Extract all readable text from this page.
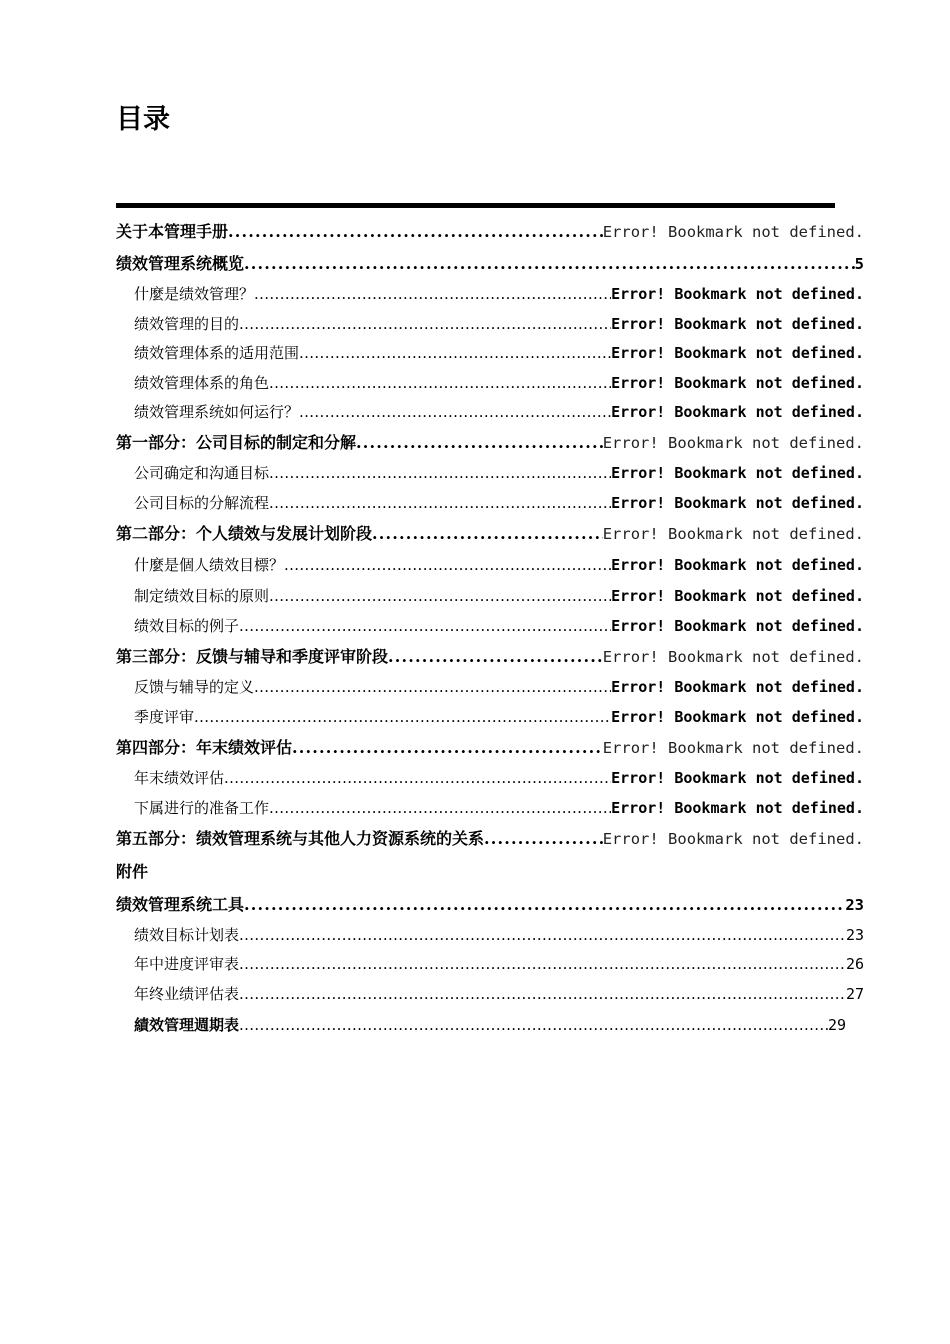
目录
关于本管理手册 . . .	Error! Bookmark not defined.
绩效管理系统概览 . . .	5
什麼是绩效管理？ . . .	Error! Bookmark not defined.
绩效管理的目的 . . .	Error! Bookmark not defined.
绩效管理体系的适用范围 . . .	Error! Bookmark not defined.
绩效管理体系的角色 . . .	Error! Bookmark not defined.
绩效管理系统如何运行？ . . .	Error! Bookmark not defined.
第一部分：公司目标的制定和分解 . . .	Error! Bookmark not defined.
公司确定和沟通目标 . . .	Error! Bookmark not defined.
公司目标的分解流程 . . .	Error! Bookmark not defined.
第二部分：个人绩效与发展计划阶段 . . .	Error! Bookmark not defined.
什麼是個人绩效目標？ . . .	Error! Bookmark not defined.
制定绩效目标的原则 . . .	Error! Bookmark not defined.
绩效目标的例子 . . .	Error! Bookmark not defined.
第三部分：反馈与辅导和季度评审阶段 . . .	Error! Bookmark not defined.
反馈与辅导的定义 . . .	Error! Bookmark not defined.
季度评审 . . .	Error! Bookmark not defined.
第四部分：年末绩效评估 . . .	Error! Bookmark not defined.
年末绩效评估 . . .	Error! Bookmark not defined.
下属进行的准备工作 . . .	Error! Bookmark not defined.
第五部分：绩效管理系统与其他人力资源系统的关系 . . .	Error! Bookmark not defined.
附件
绩效管理系统工具 . . .	23
绩效目标计划表 . . .	23
年中进度评审表 . . .	26
年终业绩评估表 . . .	27
績效管理週期表 . . .	29
